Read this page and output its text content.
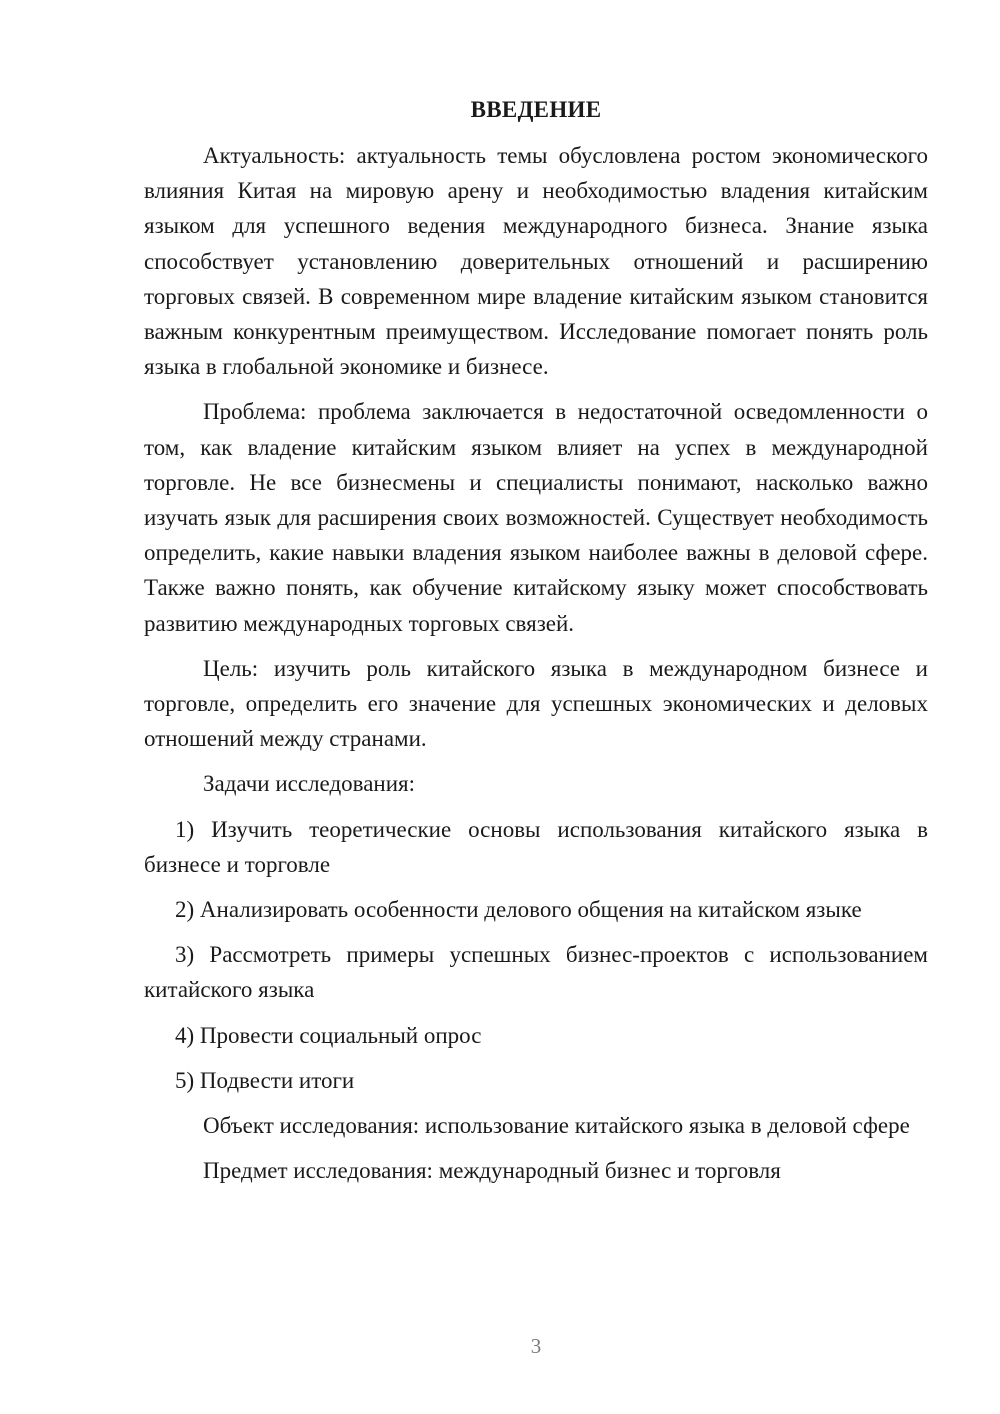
ВВЕДЕНИЕ

Актуальность: актуальность темы обусловлена ростом экономического влияния Китая на мировую арену и необходимостью владения китайским языком для успешного ведения международного бизнеса. Знание языка способствует установлению доверительных отношений и расширению торговых связей. В современном мире владение китайским языком становится важным конкурентным преимуществом. Исследование помогает понять роль языка в глобальной экономике и бизнесе.

Проблема: проблема заключается в недостаточной осведомленности о том, как владение китайским языком влияет на успех в международной торговле. Не все бизнесмены и специалисты понимают, насколько важно изучать язык для расширения своих возможностей. Существует необходимость определить, какие навыки владения языком наиболее важны в деловой сфере. Также важно понять, как обучение китайскому языку может способствовать развитию международных торговых связей.

Цель: изучить роль китайского языка в международном бизнесе и торговле, определить его значение для успешных экономических и деловых отношений между странами.

Задачи исследования:

1) Изучить теоретические основы использования китайского языка в бизнесе и торговле

2) Анализировать особенности делового общения на китайском языке

3) Рассмотреть примеры успешных бизнес-проектов с использованием китайского языка

4) Провести социальный опрос

5) Подвести итоги

Объект исследования: использование китайского языка в деловой сфере

Предмет исследования: международный бизнес и торговля

3
